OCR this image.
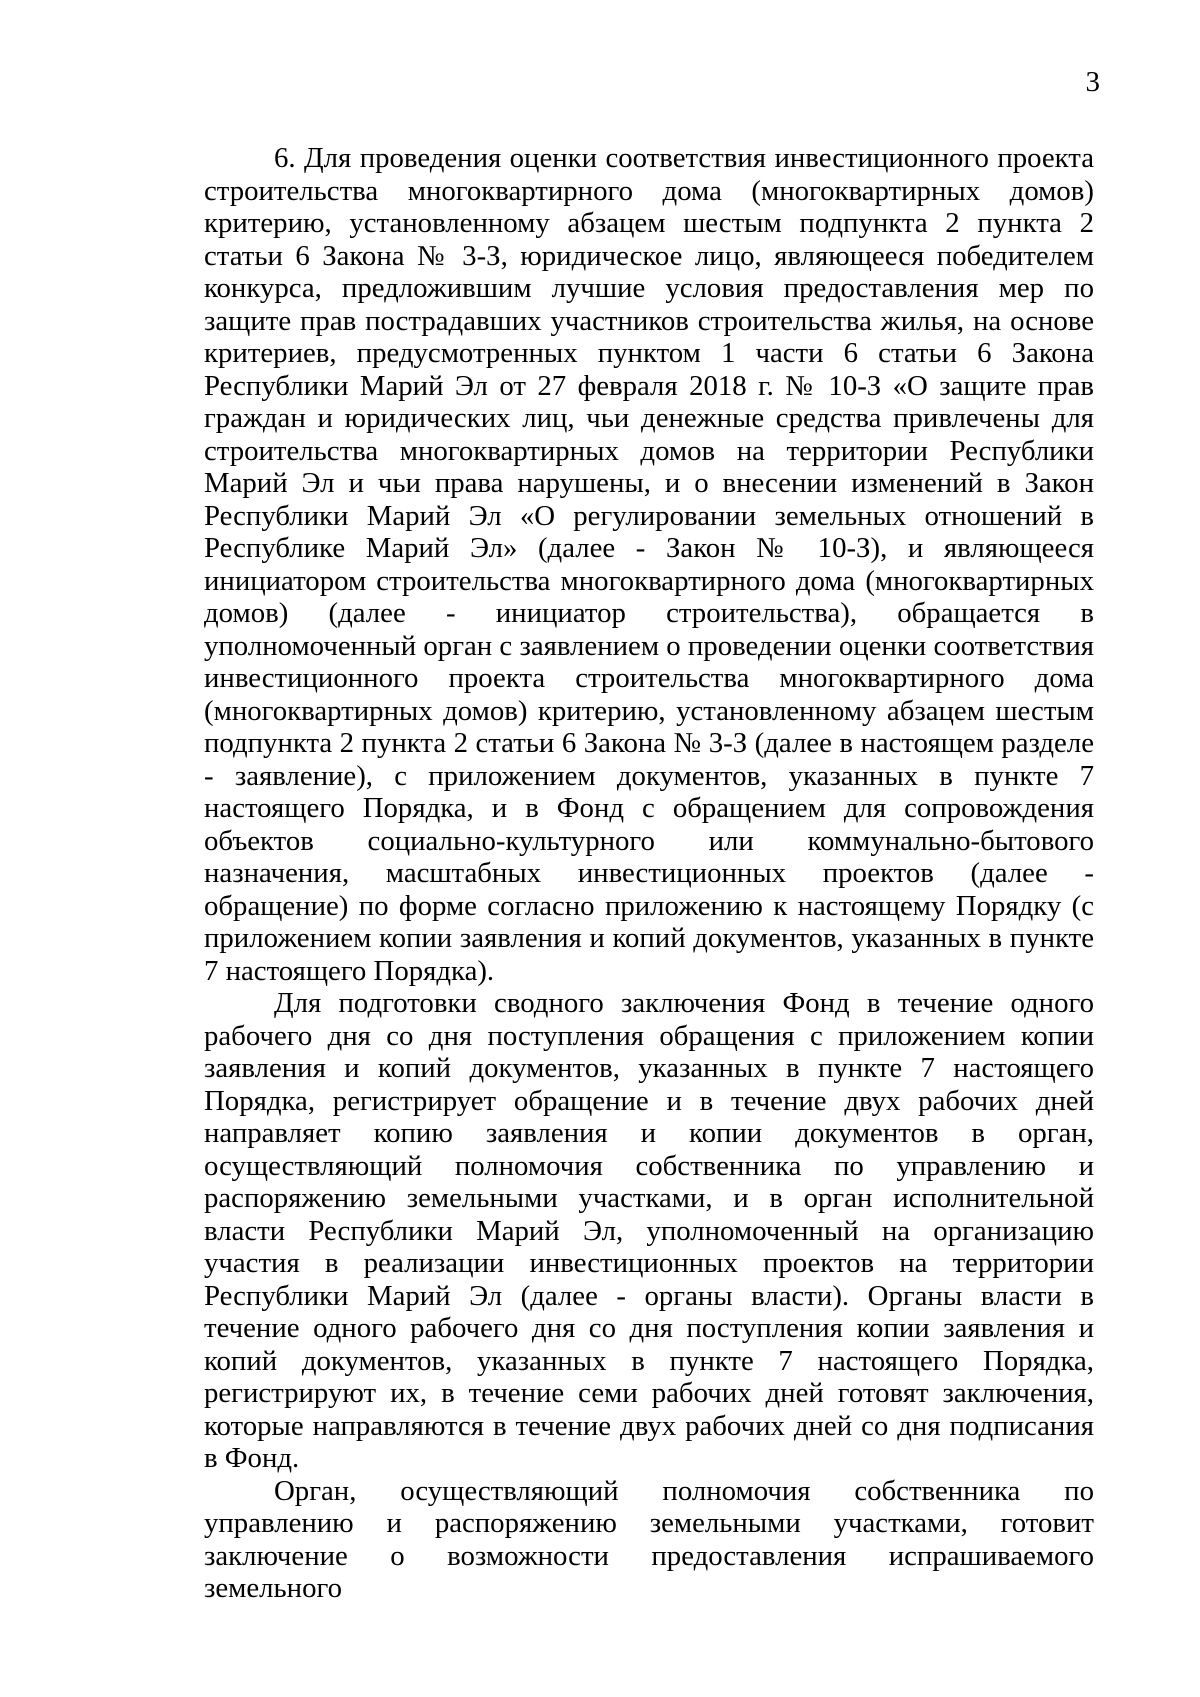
3

6. Для проведения оценки соответствия инвестиционного проекта строительства многоквартирного дома (многоквартирных домов) критерию, установленному абзацем шестым подпункта 2 пункта 2 статьи 6 Закона № 3-З, юридическое лицо, являющееся победителем конкурса, предложившим лучшие условия предоставления мер по защите прав пострадавших участников строительства жилья, на основе критериев, предусмотренных пунктом 1 части 6 статьи 6 Закона Республики Марий Эл от 27 февраля 2018 г. № 10-З «О защите прав граждан и юридических лиц, чьи денежные средства привлечены для строительства многоквартирных домов на территории Республики Марий Эл и чьи права нарушены, и о внесении изменений в Закон Республики Марий Эл «О регулировании земельных отношений в Республике Марий Эл» (далее - Закон № 10-З), и являющееся инициатором строительства многоквартирного дома (многоквартирных домов) (далее - инициатор строительства), обращается в уполномоченный орган с заявлением о проведении оценки соответствия инвестиционного проекта строительства многоквартирного дома (многоквартирных домов) критерию, установленному абзацем шестым подпункта 2 пункта 2 статьи 6 Закона № 3-З (далее в настоящем разделе - заявление), с приложением документов, указанных в пункте 7 настоящего Порядка, и в Фонд с обращением для сопровождения объектов социально-культурного или коммунально-бытового назначения, масштабных инвестиционных проектов (далее - обращение) по форме согласно приложению к настоящему Порядку (с приложением копии заявления и копий документов, указанных в пункте 7 настоящего Порядка).

Для подготовки сводного заключения Фонд в течение одного рабочего дня со дня поступления обращения с приложением копии заявления и копий документов, указанных в пункте 7 настоящего Порядка, регистрирует обращение и в течение двух рабочих дней направляет копию заявления и копии документов в орган, осуществляющий полномочия собственника по управлению и распоряжению земельными участками, и в орган исполнительной власти Республики Марий Эл, уполномоченный на организацию участия в реализации инвестиционных проектов на территории Республики Марий Эл (далее - органы власти). Органы власти в течение одного рабочего дня со дня поступления копии заявления и копий документов, указанных в пункте 7 настоящего Порядка, регистрируют их, в течение семи рабочих дней готовят заключения, которые направляются в течение двух рабочих дней со дня подписания в Фонд.

Орган, осуществляющий полномочия собственника по управлению и распоряжению земельными участками, готовит заключение о возможности предоставления испрашиваемого земельного
